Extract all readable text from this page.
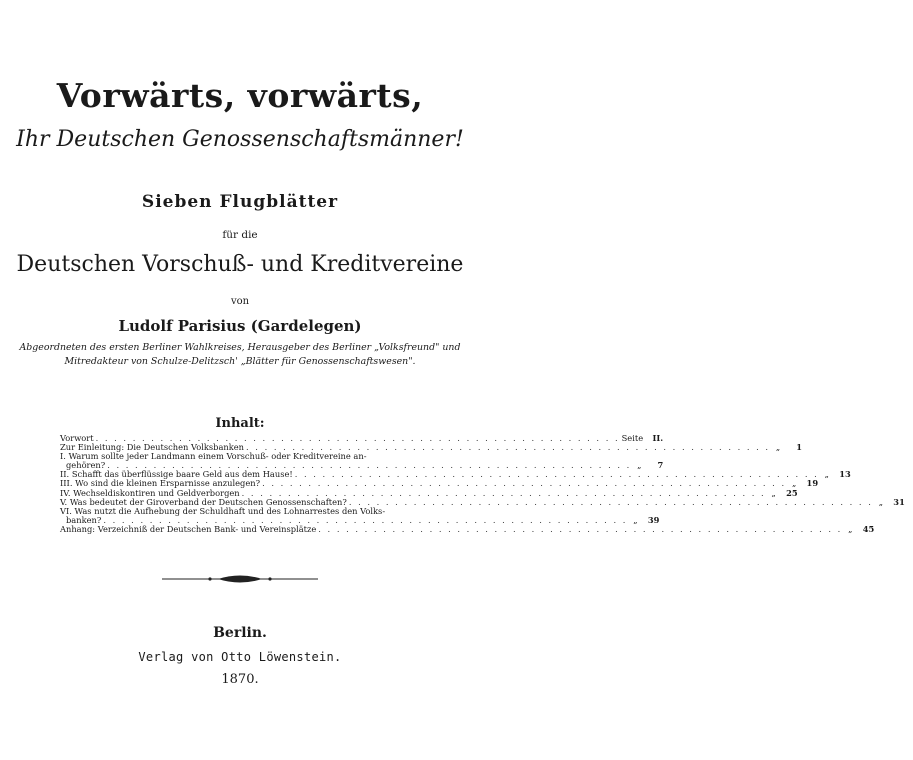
Vorwärts, vorwärts,
Ihr Deutschen Genossenschaftsmänner!
Sieben Flugblätter
für die
Deutschen Vorschuß- und Kreditvereine
von
Ludolf Parisius (Gardelegen)
Abgeordneten des ersten Berliner Wahlkreises, Herausgeber des Berliner „Volksfreund" und
Mitredakteur von Schulze-Delitzsch' „Blätter für Genossenschaftswesen".
Inhalt:
Vorwort . . .	Seite	II.
Zur Einleitung: Die Deutschen Volksbanken . . .	„	1
I. Warum sollte jeder Landmann einem Vorschuß- oder Kreditvereine an-
gehören? . . .	„	7
II. Schafft das überflüssige baare Geld aus dem Hause! . . .	„	13
III. Wo sind die kleinen Ersparnisse anzulegen? . . .	„	19
IV. Wechseldiskontiren und Geldverborgen . . .	„	25
V. Was bedeutet der Giroverband der Deutschen Genossenschaften? . . .	„	31
VI. Was nutzt die Aufhebung der Schuldhaft und des Lohnarrestes den Volks-
banken? . . .	„	39
Anhang: Verzeichniß der Deutschen Bank- und Vereinsplätze . . .	„	45
Berlin.
Verlag von Otto Löwenstein.
1870.
